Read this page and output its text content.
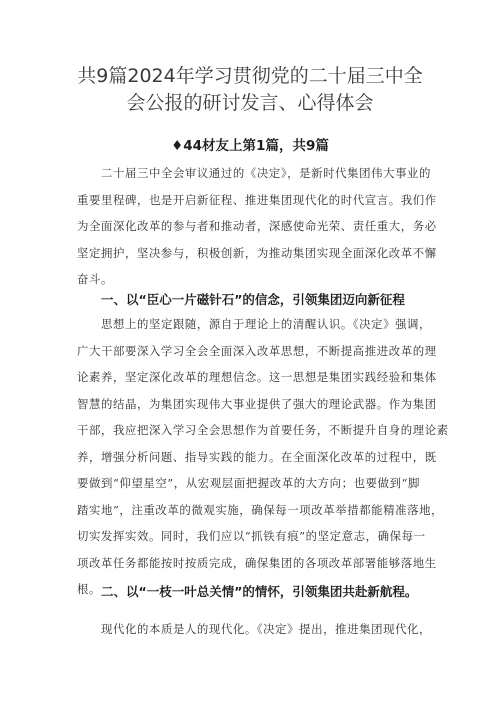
共9篇2024年学习贯彻党的二十届三中全
会公报的研讨发言、心得体会
♦44材友上第1篇，共9篇
二十届三中全会审议通过的《决定》，是新时代集团伟大事业的
重要里程碑，也是开启新征程、推进集团现代化的时代宣言。我们作
为全面深化改革的参与者和推动者，深感使命光荣、责任重大，务必
坚定拥护，坚决参与，积极创新，为推动集团实现全面深化改革不懈
奋斗。
一、以“臣心一片磁针石”的信念，引领集团迈向新征程
思想上的坚定跟随，源自于理论上的清醒认识。《决定》强调，
广大干部要深入学习全会全面深入改革思想，不断提高推进改革的理
论素养，坚定深化改革的理想信念。这一思想是集团实践经验和集体
智慧的结晶，为集团实现伟大事业提供了强大的理论武器。作为集团
干部，我应把深入学习全会思想作为首要任务，不断提升自身的理论素
养，增强分析问题、指导实践的能力。在全面深化改革的过程中，既
要做到“仰望星空”，从宏观层面把握改革的大方向；也要做到“脚
踏实地”，注重改革的微观实施，确保每一项改革举措都能精准落地，
切实发挥实效。同时，我们应以“抓铁有痕”的坚定意志，确保每一
项改革任务都能按时按质完成，确保集团的各项改革部署能够落地生
根。 二、以“一枝一叶总关情”的情怀，引领集团共赴新航程。
现代化的本质是人的现代化。《决定》提出，推进集团现代化，
